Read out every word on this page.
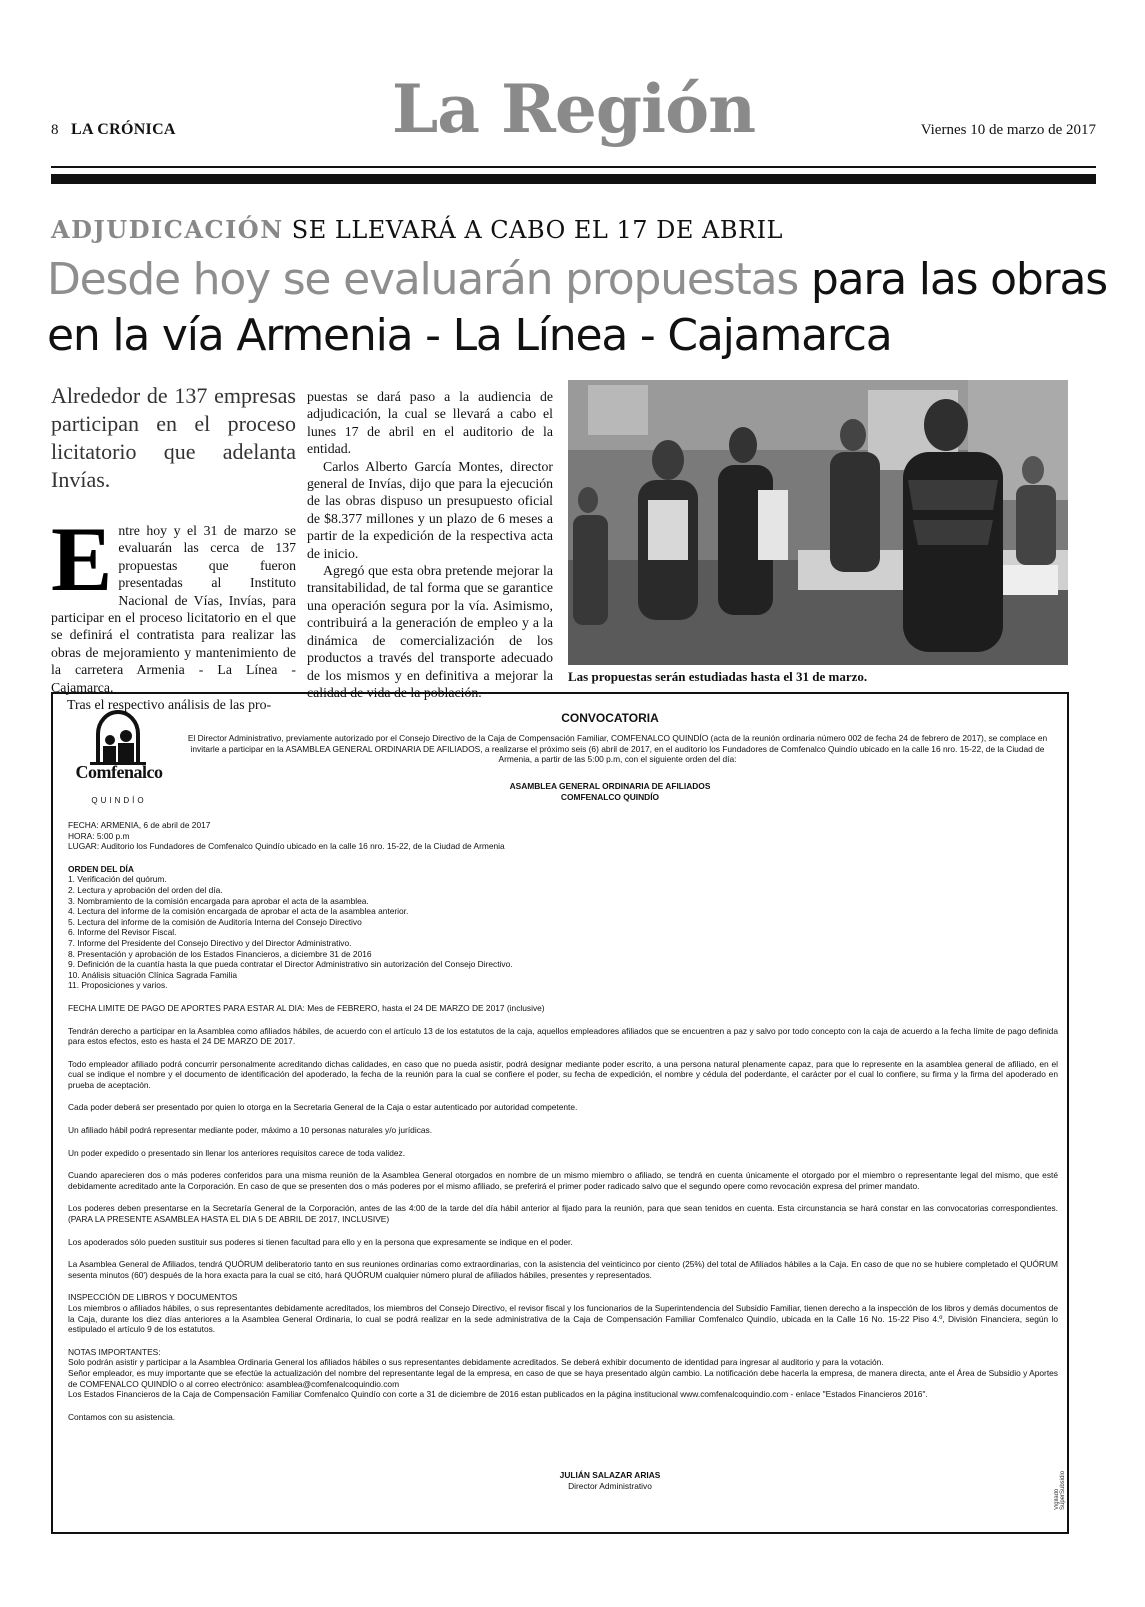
8 LA CRÓNICA	La Región	Viernes 10 de marzo de 2017
ADJUDICACIÓN SE LLEVARÁ A CABO EL 17 DE ABRIL
Desde hoy se evaluarán propuestas para las obras en la vía Armenia - La Línea - Cajamarca
Alrededor de 137 empresas participan en el proceso licitatorio que adelanta Invías.

Entre hoy y el 31 de marzo se evaluarán las cerca de 137 propuestas que fueron presentadas al Instituto Nacional de Vías, Invías, para participar en el proceso licitatorio en el que se definirá el contratista para realizar las obras de mejoramiento y mantenimiento de la carretera Armenia - La Línea - Cajamarca.

Tras el respectivo análisis de las pro-

puestas se dará paso a la audiencia de adjudicación, la cual se llevará a cabo el lunes 17 de abril en el auditorio de la entidad.

Carlos Alberto García Montes, director general de Invías, dijo que para la ejecución de las obras dispuso un presupuesto oficial de $8.377 millones y un plazo de 6 meses a partir de la expedición de la respectiva acta de inicio.

Agregó que esta obra pretende mejorar la transitabilidad, de tal forma que se garantice una operación segura por la vía. Asimismo, contribuirá a la generación de empleo y a la dinámica de comercialización de los productos a través del transporte adecuado de los mismos y en definitiva a mejorar la calidad de vida de la población.

Las propuestas serán estudiadas hasta el 31 de marzo.
Comfenalco
QUINDÍO
CONVOCATORIA
El Director Administrativo, previamente autorizado por el Consejo Directivo de la Caja de Compensación Familiar, COMFENALCO QUINDÍO (acta de la reunión ordinaria número 002 de fecha 24 de febrero de 2017), se complace en invitarle a participar en la ASAMBLEA GENERAL ORDINARIA DE AFILIADOS, a realizarse el próximo seis (6) abril de 2017, en el auditorio los Fundadores de Comfenalco Quindío ubicado en la calle 16 nro. 15-22, de la Ciudad de Armenia, a partir de las 5:00 p.m, con el siguiente orden del día:
ASAMBLEA GENERAL ORDINARIA DE AFILIADOS
COMFENALCO QUINDÍO

FECHA: ARMENIA, 6 de abril de 2017
HORA: 5:00 p.m
LUGAR: Auditorio los Fundadores de Comfenalco Quindío ubicado en la calle 16 nro. 15-22, de la Ciudad de Armenia

ORDEN DEL DÍA
1. Verificación del quórum.
2. Lectura y aprobación del orden del día.
3. Nombramiento de la comisión encargada para aprobar el acta de la asamblea.
4. Lectura del informe de la comisión encargada de aprobar el acta de la asamblea anterior.
5. Lectura del informe de la comisión de Auditoría Interna del Consejo Directivo
6. Informe del Revisor Fiscal.
7. Informe del Presidente del Consejo Directivo y del Director Administrativo.
8. Presentación y aprobación de los Estados Financieros, a diciembre 31 de 2016
9. Definición de la cuantía hasta la que pueda contratar el Director Administrativo sin autorización del Consejo Directivo.
10. Análisis situación Clínica Sagrada Familia
11. Proposiciones y varios.

FECHA LIMITE DE PAGO DE APORTES PARA ESTAR AL DIA: Mes de FEBRERO, hasta el 24 DE MARZO DE 2017 (inclusive)

Tendrán derecho a participar en la Asamblea como afiliados hábiles, de acuerdo con el artículo 13 de los estatutos de la caja, aquellos empleadores afiliados que se encuentren a paz y salvo por todo concepto con la caja de acuerdo a la fecha límite de pago definida para estos efectos, esto es hasta el 24 DE MARZO DE 2017.

Todo empleador afiliado podrá concurrir personalmente acreditando dichas calidades, en caso que no pueda asistir, podrá designar mediante poder escrito, a una persona natural plenamente capaz, para que lo represente en la asamblea general de afiliado, en el cual se indique el nombre y el documento de identificación del apoderado, la fecha de la reunión para la cual se confiere el poder, su fecha de expedición, el nombre y cédula del poderdante, el carácter por el cual lo confiere, su firma y la firma del apoderado en prueba de aceptación.

Cada poder deberá ser presentado por quien lo otorga en la Secretaria General de la Caja o estar autenticado por autoridad competente.

Un afiliado hábil podrá representar mediante poder, máximo a 10 personas naturales y/o jurídicas.

Un poder expedido o presentado sin llenar los anteriores requisitos carece de toda validez.

Cuando aparecieren dos o más poderes conferidos para una misma reunión de la Asamblea General otorgados en nombre de un mismo miembro o afiliado, se tendrá en cuenta únicamente el otorgado por el miembro o representante legal del mismo, que esté debidamente acreditado ante la Corporación. En caso de que se presenten dos o más poderes por el mismo afiliado, se preferirá el primer poder radicado salvo que el segundo opere como revocación expresa del primer mandato.

Los poderes deben presentarse en la Secretaría General de la Corporación, antes de las 4:00 de la tarde del día hábil anterior al fijado para la reunión, para que sean tenidos en cuenta. Esta circunstancia se hará constar en las convocatorias correspondientes. (PARA LA PRESENTE ASAMBLEA HASTA EL DIA 5 DE ABRIL DE 2017, INCLUSIVE)

Los apoderados sólo pueden sustituir sus poderes si tienen facultad para ello y en la persona que expresamente se indique en el poder.

La Asamblea General de Afiliados, tendrá QUÓRUM deliberatorio tanto en sus reuniones ordinarias como extraordinarias, con la asistencia del veinticinco por ciento (25%) del total de Afiliados hábiles a la Caja. En caso de que no se hubiere completado el QUÓRUM sesenta minutos (60') después de la hora exacta para la cual se citó, hará QUÓRUM cualquier número plural de afiliados hábiles, presentes y representados.

INSPECCIÓN DE LIBROS Y DOCUMENTOS
Los miembros o afiliados hábiles, o sus representantes debidamente acreditados, los miembros del Consejo Directivo, el revisor fiscal y los funcionarios de la Superintendencia del Subsidio Familiar, tienen derecho a la inspección de los libros y demás documentos de la Caja, durante los diez días anteriores a la Asamblea General Ordinaria, lo cual se podrá realizar en la sede administrativa de la Caja de Compensación Familiar Comfenalco Quindío, ubicada en la Calle 16 No. 15-22 Piso 4.º, División Financiera, según lo estipulado el artículo 9 de los estatutos.

NOTAS IMPORTANTES:
Solo podrán asistir y participar a la Asamblea Ordinaria General los afiliados hábiles o sus representantes debidamente acreditados. Se deberá exhibir documento de identidad para ingresar al auditorio y para la votación.
Señor empleador, es muy importante que se efectúe la actualización del nombre del representante legal de la empresa, en caso de que se haya presentado algún cambio. La notificación debe hacerla la empresa, de manera directa, ante el Área de Subsidio y Aportes de COMFENALCO QUINDÍO o al correo electrónico: asamblea@comfenalcoquindio.com
Los Estados Financieros de la Caja de Compensación Familiar Comfenalco Quindío con corte a 31 de diciembre de 2016 estan publicados en la página institucional www.comfenalcoquindio.com - enlace "Estados Financieros 2016".

Contamos con su asistencia.

JULIÁN SALAZAR ARIAS
Director Administrativo
Vigilado SuperSubsidio
